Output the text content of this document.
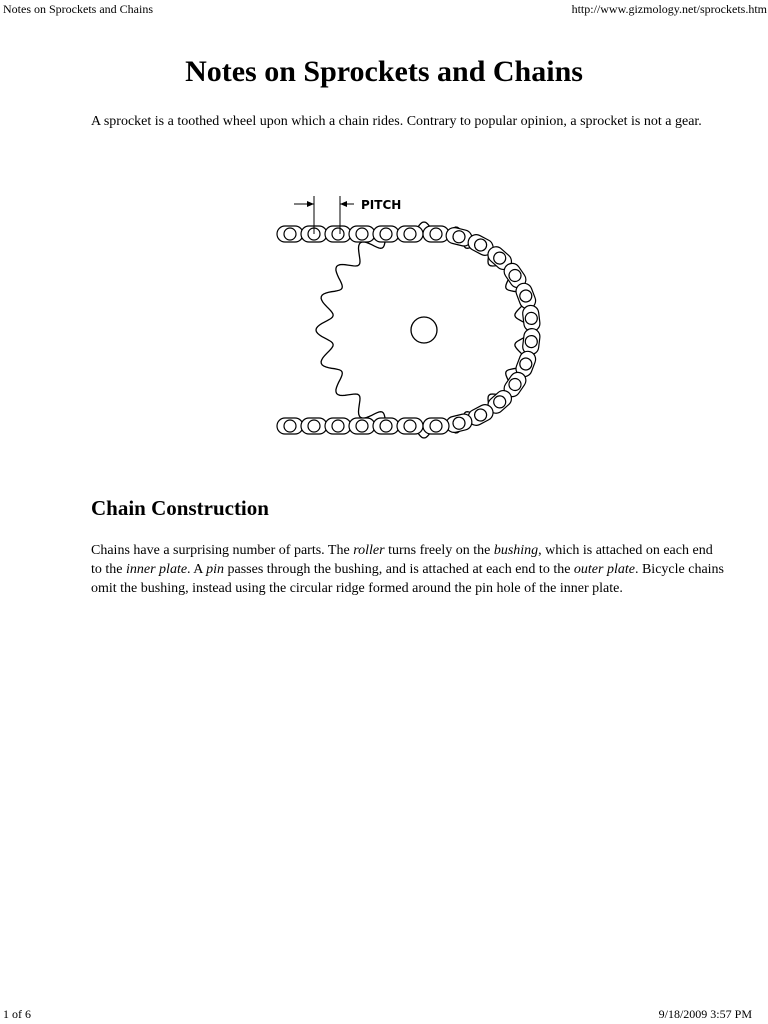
Notes on Sprockets and Chains	http://www.gizmology.net/sprockets.htm
Notes on Sprockets and Chains

A sprocket is a toothed wheel upon which a chain rides. Contrary to popular opinion, a sprocket is not a gear.

PITCH
Chain Construction

Chains have a surprising number of parts. The roller turns freely on the bushing, which is attached on each end to the inner plate. A pin passes through the bushing, and is attached at each end to the outer plate. Bicycle chains omit the bushing, instead using the circular ridge formed around the pin hole of the inner plate.

1 of 6	9/18/2009 3:57 PM
